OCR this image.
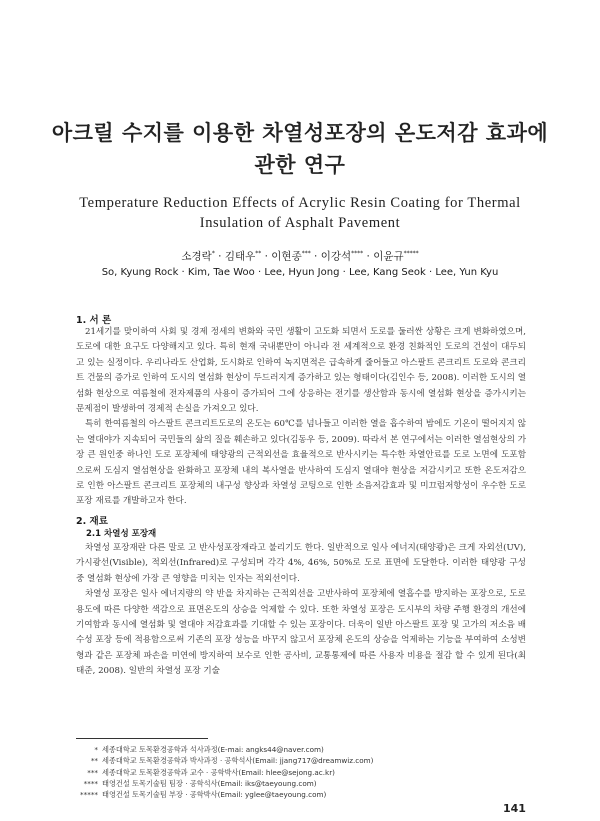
아크릴 수지를 이용한 차열성포장의 온도저감 효과에
관한 연구
Temperature Reduction Effects of Acrylic Resin Coating for Thermal
Insulation of Asphalt Pavement
소경락* · 김태우** · 이현종*** · 이강석**** · 이윤규*****
So, Kyung Rock · Kim, Tae Woo · Lee, Hyun Jong · Lee, Kang Seok · Lee, Yun Kyu
1. 서 론

21세기를 맞이하여 사회 및 경제 정세의 변화와 국민 생활이 고도화 되면서 도로를 둘러싼 상황은 크게 변화하였으며, 도로에 대한 요구도 다양해지고 있다. 특히 현재 국내뿐만이 아니라 전 세계적으로 환경 친화적인 도로의 건설이 대두되고 있는 실정이다. 우리나라도 산업화, 도시화로 인하여 녹지면적은 급속하게 줄어들고 아스팔트 콘크리트 도로와 콘크리트 건물의 증가로 인하여 도시의 열섬화 현상이 두드러지게 증가하고 있는 형태이다(김인수 등, 2008). 이러한 도시의 열섬화 현상으로 여름철에 전자제품의 사용이 증가되어 그에 상응하는 전기를 생산함과 동시에 열섬화 현상을 증가시키는 문제점이 발생하여 경제적 손실을 가져오고 있다.

특히 한여름철의 아스팔트 콘크리트도로의 온도는 60℃를 넘나들고 이러한 열을 흡수하여 밤에도 기온이 떨어지지 않는 열대야가 지속되어 국민들의 삶의 질을 훼손하고 있다(김동우 등, 2009). 따라서 본 연구에서는 이러한 열섬현상의 가장 큰 원인중 하나인 도로 포장체에 태양광의 근적외선을 효율적으로 반사시키는 특수한 차열안료를 도로 노면에 도포함으로써 도심지 열섬현상을 완화하고 포장체 내의 복사열을 반사하여 도심지 열대야 현상을 저감시키고 또한 온도저감으로 인한 아스팔트 콘크리트 포장체의 내구성 향상과 차열성 코팅으로 인한 소음저감효과 및 미끄럼저항성이 우수한 도로포장 재료를 개발하고자 한다.

2. 재료
2.1 차열성 포장재

차열성 포장재란 다른 말로 고 반사성포장재라고 불리기도 한다. 일반적으로 일사 에너지(태양광)은 크게 자외선(UV), 가시광선(Visible), 적외선(Infrared)로 구성되며 각각 4%, 46%, 50%로 도로 표면에 도달한다. 이러한 태양광 구성 중 열섬화 현상에 가장 큰 영향을 미치는 인자는 적외선이다.

차열성 포장은 일사 에너지량의 약 반을 차지하는 근적외선을 고반사하여 포장체에 열흡수를 방지하는 포장으로, 도로용도에 따른 다양한 색감으로 표면온도의 상승을 억제할 수 있다. 또한 차열성 포장은 도시부의 차량 주행 환경의 개선에 기여함과 동시에 열섬화 및 열대야 저감효과를 기대할 수 있는 포장이다. 더욱이 일반 아스팔트 포장 및 고가의 저소음 배수성 포장 등에 적용함으로써 기존의 포장 성능을 바꾸지 않고서 포장체 온도의 상승을 억제하는 기능을 부여하여 소성변형과 같은 포장체 파손을 미연에 방지하여 보수로 인한 공사비, 교통통제에 따른 사용자 비용을 절감 할 수 있게 된다(최태준, 2008). 일반의 차열성 포장 기술

* 세종대학교 토목환경공학과 석사과정(E-mai: angks44@naver.com)
** 세종대학교 토목환경공학과 박사과정 · 공학석사(Email: jjang717@dreamwiz.com)
*** 세종대학교 토목환경공학과 교수 · 공학박사(Email: hlee@sejong.ac.kr)
**** 태영건설 토목기술팀 팀장 · 공학석사(Email: iks@taeyoung.com)
***** 태영건설 토목기술팀 부장 · 공학박사(Email: yglee@taeyoung.com)
141
